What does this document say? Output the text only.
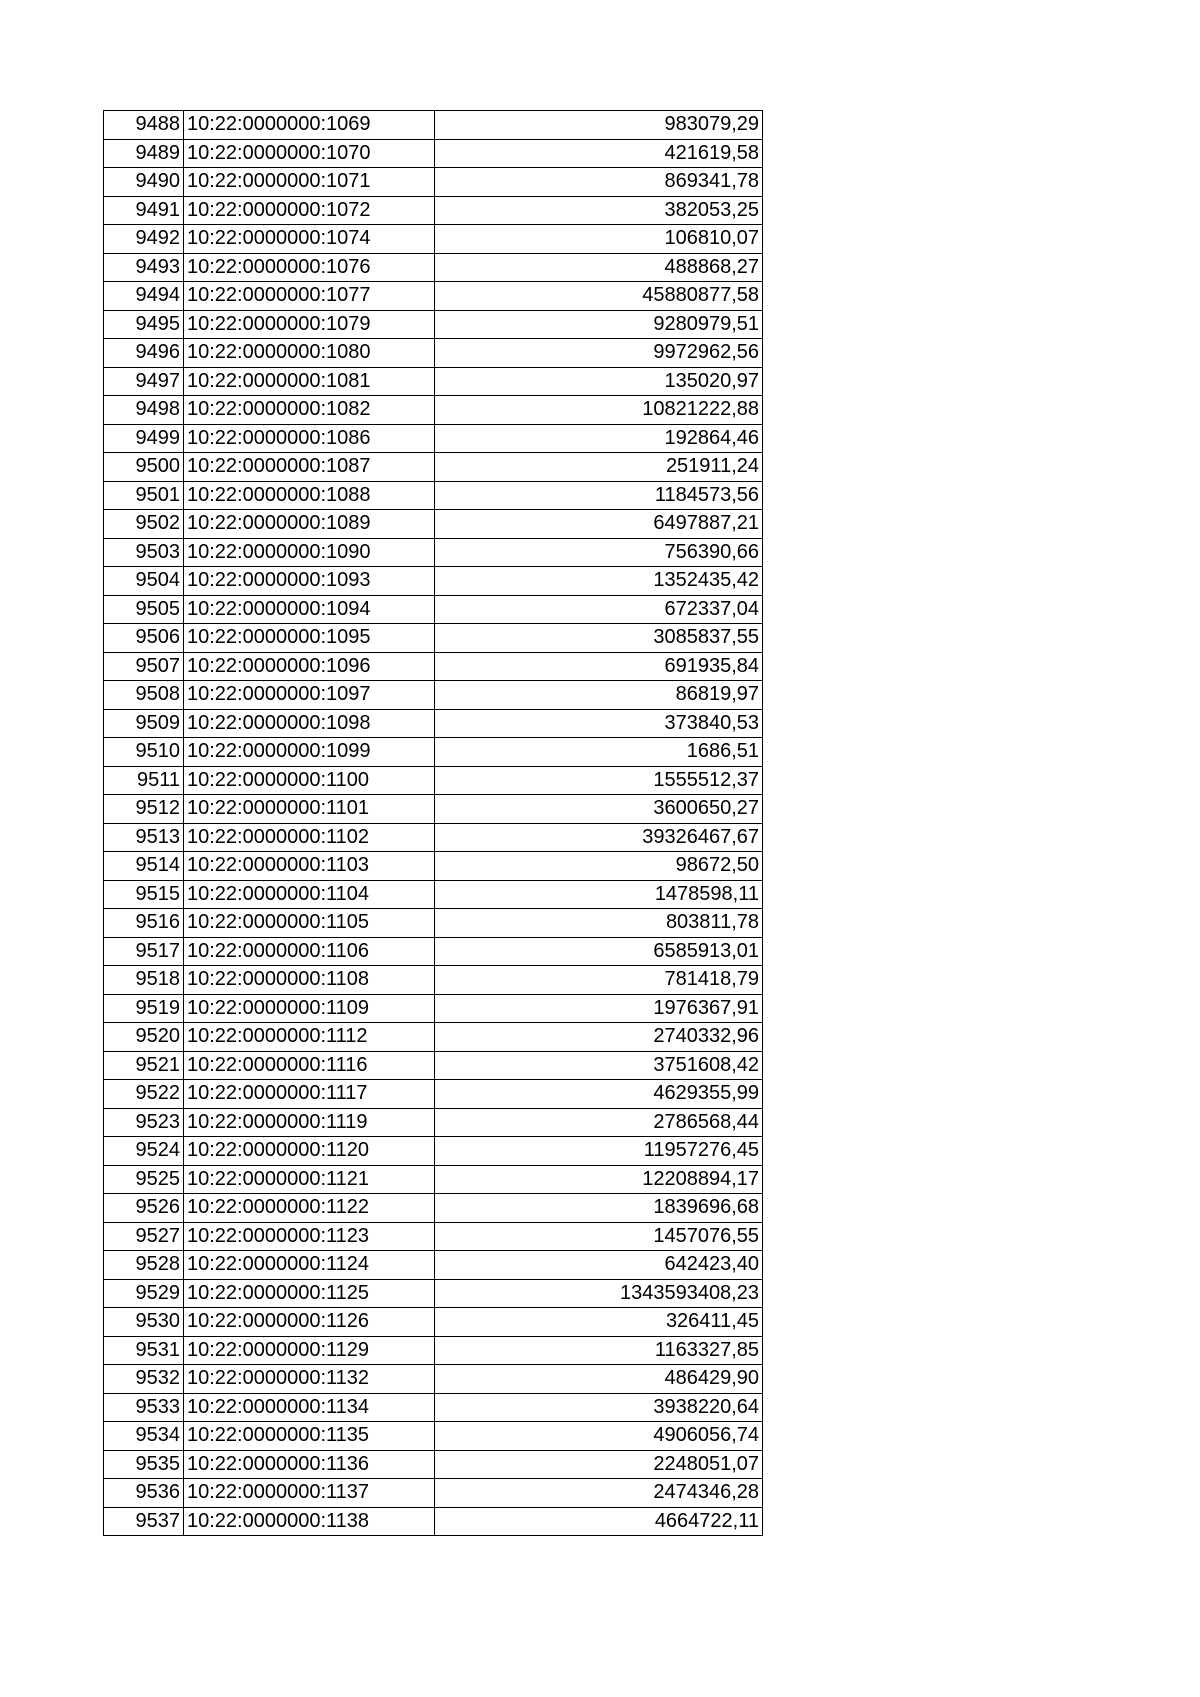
9488	10:22:0000000:1069	983079,29
9489	10:22:0000000:1070	421619,58
9490	10:22:0000000:1071	869341,78
9491	10:22:0000000:1072	382053,25
9492	10:22:0000000:1074	106810,07
9493	10:22:0000000:1076	488868,27
9494	10:22:0000000:1077	45880877,58
9495	10:22:0000000:1079	9280979,51
9496	10:22:0000000:1080	9972962,56
9497	10:22:0000000:1081	135020,97
9498	10:22:0000000:1082	10821222,88
9499	10:22:0000000:1086	192864,46
9500	10:22:0000000:1087	251911,24
9501	10:22:0000000:1088	1184573,56
9502	10:22:0000000:1089	6497887,21
9503	10:22:0000000:1090	756390,66
9504	10:22:0000000:1093	1352435,42
9505	10:22:0000000:1094	672337,04
9506	10:22:0000000:1095	3085837,55
9507	10:22:0000000:1096	691935,84
9508	10:22:0000000:1097	86819,97
9509	10:22:0000000:1098	373840,53
9510	10:22:0000000:1099	1686,51
9511	10:22:0000000:1100	1555512,37
9512	10:22:0000000:1101	3600650,27
9513	10:22:0000000:1102	39326467,67
9514	10:22:0000000:1103	98672,50
9515	10:22:0000000:1104	1478598,11
9516	10:22:0000000:1105	803811,78
9517	10:22:0000000:1106	6585913,01
9518	10:22:0000000:1108	781418,79
9519	10:22:0000000:1109	1976367,91
9520	10:22:0000000:1112	2740332,96
9521	10:22:0000000:1116	3751608,42
9522	10:22:0000000:1117	4629355,99
9523	10:22:0000000:1119	2786568,44
9524	10:22:0000000:1120	11957276,45
9525	10:22:0000000:1121	12208894,17
9526	10:22:0000000:1122	1839696,68
9527	10:22:0000000:1123	1457076,55
9528	10:22:0000000:1124	642423,40
9529	10:22:0000000:1125	1343593408,23
9530	10:22:0000000:1126	326411,45
9531	10:22:0000000:1129	1163327,85
9532	10:22:0000000:1132	486429,90
9533	10:22:0000000:1134	3938220,64
9534	10:22:0000000:1135	4906056,74
9535	10:22:0000000:1136	2248051,07
9536	10:22:0000000:1137	2474346,28
9537	10:22:0000000:1138	4664722,11
